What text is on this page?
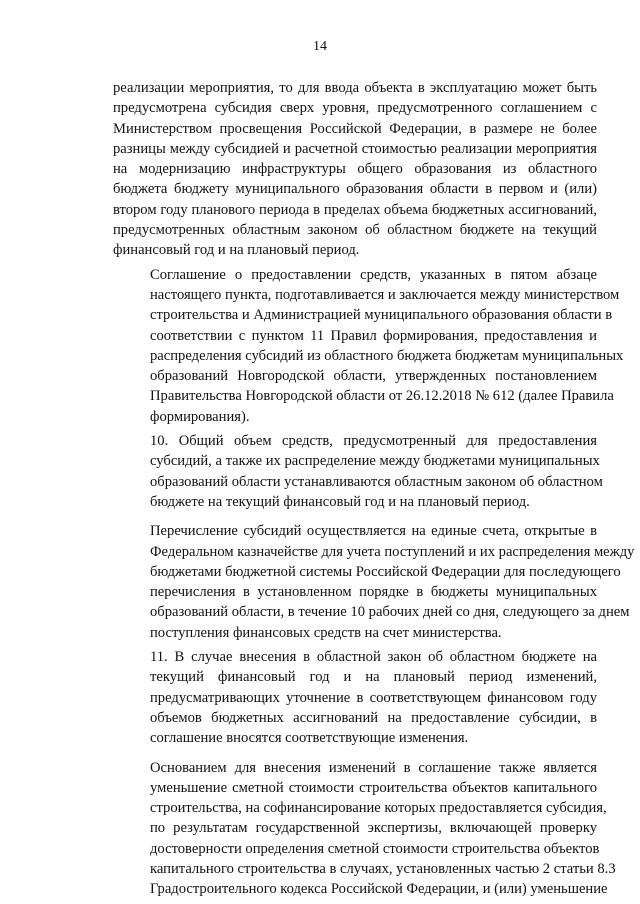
14

реализации мероприятия, то для ввода объекта в эксплуатацию может быть
предусмотрена субсидия сверх уровня, предусмотренного соглашением с
Министерством просвещения Российской Федерации, в размере не более
разницы между субсидией и расчетной стоимостью реализации мероприятия
на модернизацию инфраструктуры общего образования из областного
бюджета бюджету муниципального образования области в первом и (или)
втором году планового периода в пределах объема бюджетных ассигнований,
предусмотренных областным законом об областном бюджете на текущий
финансовый год и на плановый период.

Соглашение о предоставлении средств, указанных в пятом абзаце
настоящего пункта, подготавливается и заключается между министерством
строительства и Администрацией муниципального образования области в
соответствии с пунктом 11 Правил формирования, предоставления и
распределения субсидий из областного бюджета бюджетам муниципальных
образований Новгородской области, утвержденных постановлением
Правительства Новгородской области от 26.12.2018 № 612 (далее Правила
формирования).

10. Общий объем средств, предусмотренный для предоставления
субсидий, а также их распределение между бюджетами муниципальных
образований области устанавливаются областным законом об областном
бюджете на текущий финансовый год и на плановый период.

Перечисление субсидий осуществляется на единые счета, открытые в
Федеральном казначействе для учета поступлений и их распределения между
бюджетами бюджетной системы Российской Федерации для последующего
перечисления в установленном порядке в бюджеты муниципальных
образований области, в течение 10 рабочих дней со дня, следующего за днем
поступления финансовых средств на счет министерства.

11. В случае внесения в областной закон об областном бюджете на
текущий финансовый год и на плановый период изменений,
предусматривающих уточнение в соответствующем финансовом году
объемов бюджетных ассигнований на предоставление субсидии, в
соглашение вносятся соответствующие изменения.

Основанием для внесения изменений в соглашение также является
уменьшение сметной стоимости строительства объектов капитального
строительства, на софинансирование которых предоставляется субсидия,
по результатам государственной экспертизы, включающей проверку
достоверности определения сметной стоимости строительства объектов
капитального строительства в случаях, установленных частью 2 статьи 8.3
Градостроительного кодекса Российской Федерации, и (или) уменьшение
